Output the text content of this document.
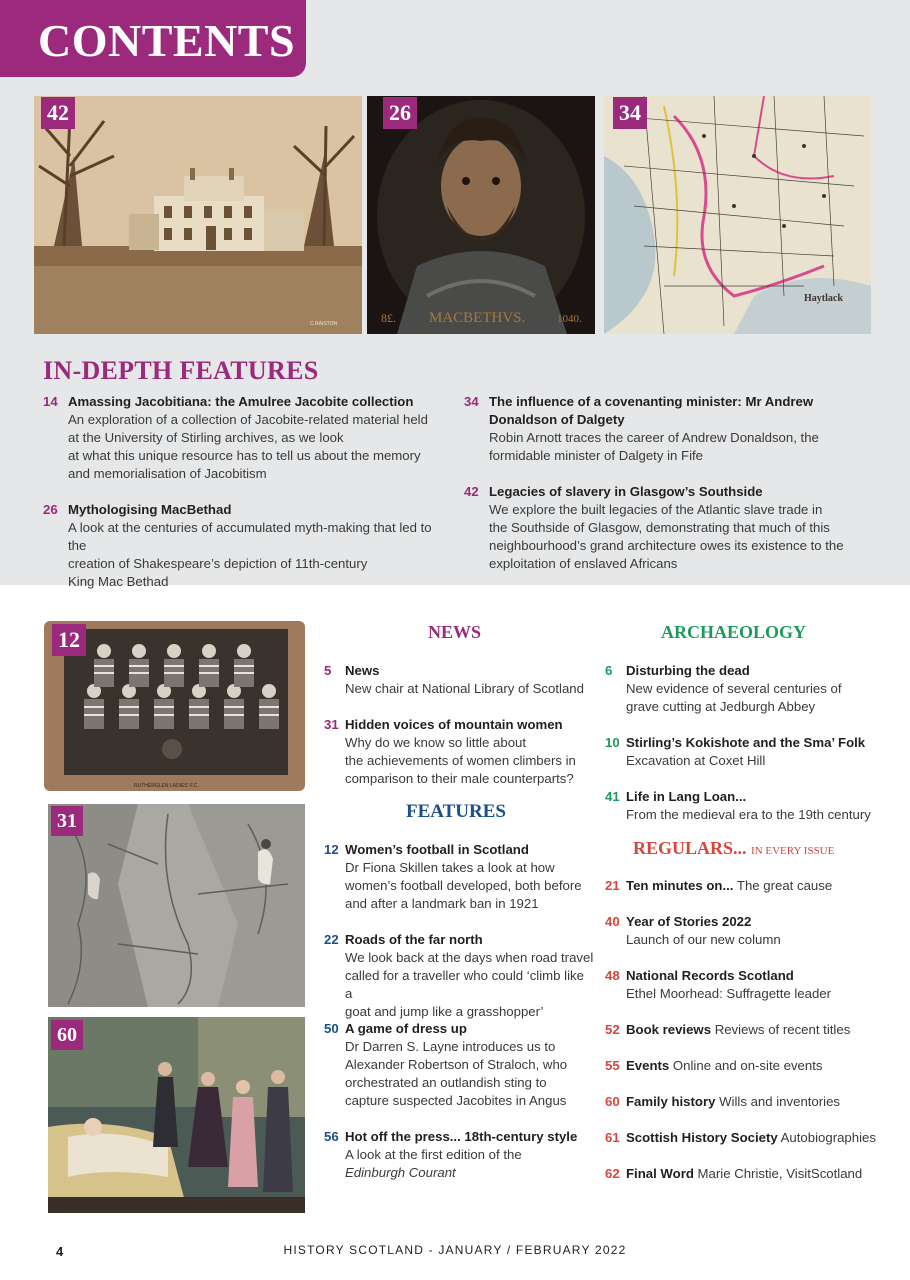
CONTENTS
C.RAISTON
42
8£. MACBETHVS.	1040.
26
Haytlack
34
IN-DEPTH FEATURES
14 Amassing Jacobitiana: the Amulree Jacobite collection
An exploration of a collection of Jacobite-related material held
at the University of Stirling archives, as we look
at what this unique resource has to tell us about the memory
and memorialisation of Jacobitism
26 Mythologising MacBethad
A look at the centuries of accumulated myth-making that led to the
creation of Shakespeare’s depiction of 11th-century
King Mac Bethad
34 The influence of a covenanting minister: Mr Andrew
Donaldson of Dalgety
Robin Arnott traces the career of Andrew Donaldson, the
formidable minister of Dalgety in Fife
42 Legacies of slavery in Glasgow’s Southside
We explore the built legacies of the Atlantic slave trade in
the Southside of Glasgow, demonstrating that much of this
neighbourhood’s grand architecture owes its existence to the
exploitation of enslaved Africans
RUTHERGLEN LADIES' F.C.
12
31
60
NEWS
5 News
New chair at National Library of Scotland
31 Hidden voices of mountain women
Why do we know so little about
the achievements of women climbers in
comparison to their male counterparts?
FEATURES
12 Women’s football in Scotland
Dr Fiona Skillen takes a look at how
women’s football developed, both before
and after a landmark ban in 1921
22 Roads of the far north
We look back at the days when road travel
called for a traveller who could ‘climb like a
goat and jump like a grasshopper’
50 A game of dress up
Dr Darren S. Layne introduces us to
Alexander Robertson of Straloch, who
orchestrated an outlandish sting to
capture suspected Jacobites in Angus
56 Hot off the press... 18th-century style
A look at the first edition of the
Edinburgh Courant
ARCHAEOLOGY
6 Disturbing the dead
New evidence of several centuries of
grave cutting at Jedburgh Abbey
10 Stirling’s Kokishote and the Sma’ Folk
Excavation at Coxet Hill
41 Life in Lang Loan...
From the medieval era to the 19th century
REGULARS... IN EVERY ISSUE
21 Ten minutes on... The great cause
40 Year of Stories 2022
Launch of our new column
48 National Records Scotland
Ethel Moorhead: Suffragette leader
52 Book reviews Reviews of recent titles
55 Events Online and on-site events
60 Family history Wills and inventories
61 Scottish History Society Autobiographies
62 Final Word Marie Christie, VisitScotland
4	HISTORY SCOTLAND - JANUARY / FEBRUARY 2022
